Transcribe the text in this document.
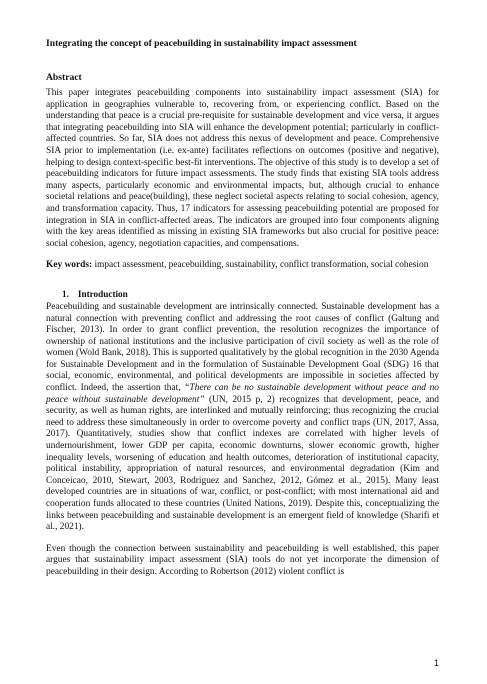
Integrating the concept of peacebuilding in sustainability impact assessment
Abstract

This paper integrates peacebuilding components into sustainability impact assessment (SIA) for application in geographies vulnerable to, recovering from, or experiencing conflict. Based on the understanding that peace is a crucial pre-requisite for sustainable development and vice versa, it argues that integrating peacebuilding into SIA will enhance the development potential; particularly in conflict-affected countries. So far, SIA does not address this nexus of development and peace. Comprehensive SIA prior to implementation (i.e. ex-ante) facilitates reflections on outcomes (positive and negative), helping to design context-specific best-fit interventions. The objective of this study is to develop a set of peacebuilding indicators for future impact assessments. The study finds that existing SIA tools address many aspects, particularly economic and environmental impacts, but, although crucial to enhance societal relations and peace(building), these neglect societal aspects relating to social cohesion, agency, and transformation capacity. Thus, 17 indicators for assessing peacebuilding potential are proposed for integration in SIA in conflict-affected areas. The indicators are grouped into four components aligning with the key areas identified as missing in existing SIA frameworks but also crucial for positive peace: social cohesion, agency, negotiation capacities, and compensations.

Key words: impact assessment, peacebuilding, sustainability, conflict transformation, social cohesion
1. Introduction

Peacebuilding and sustainable development are intrinsically connected. Sustainable development has a natural connection with preventing conflict and addressing the root causes of conflict (Galtung and Fischer, 2013). In order to grant conflict prevention, the resolution recognizes the importance of ownership of national institutions and the inclusive participation of civil society as well as the role of women (Wold Bank, 2018). This is supported qualitatively by the global recognition in the 2030 Agenda for Sustainable Development and in the formulation of Sustainable Development Goal (SDG) 16 that social, economic, environmental, and political developments are impossible in societies affected by conflict. Indeed, the assertion that, “There can be no sustainable development without peace and no peace without sustainable development” (UN, 2015 p, 2) recognizes that development, peace, and security, as well as human rights, are interlinked and mutually reinforcing; thus recognizing the crucial need to address these simultaneously in order to overcome poverty and conflict traps (UN, 2017, Assa, 2017). Quantitatively, studies show that conflict indexes are correlated with higher levels of undernourishment, lower GDP per capita, economic downturns, slower economic growth, higher inequality levels, worsening of education and health outcomes, deterioration of institutional capacity, political instability, appropriation of natural resources, and environmental degradation (Kim and Conceicao, 2010, Stewart, 2003, Rodriguez and Sanchez, 2012, Gómez et al., 2015). Many least developed countries are in situations of war, conflict, or post-conflict; with most international aid and cooperation funds allocated to these countries (United Nations, 2019). Despite this, conceptualizing the links between peacebuilding and sustainable development is an emergent field of knowledge (Sharifi et al., 2021).

Even though the connection between sustainability and peacebuilding is well established, this paper argues that sustainability impact assessment (SIA) tools do not yet incorporate the dimension of peacebuilding in their design. According to Robertson (2012) violent conflict is

1
